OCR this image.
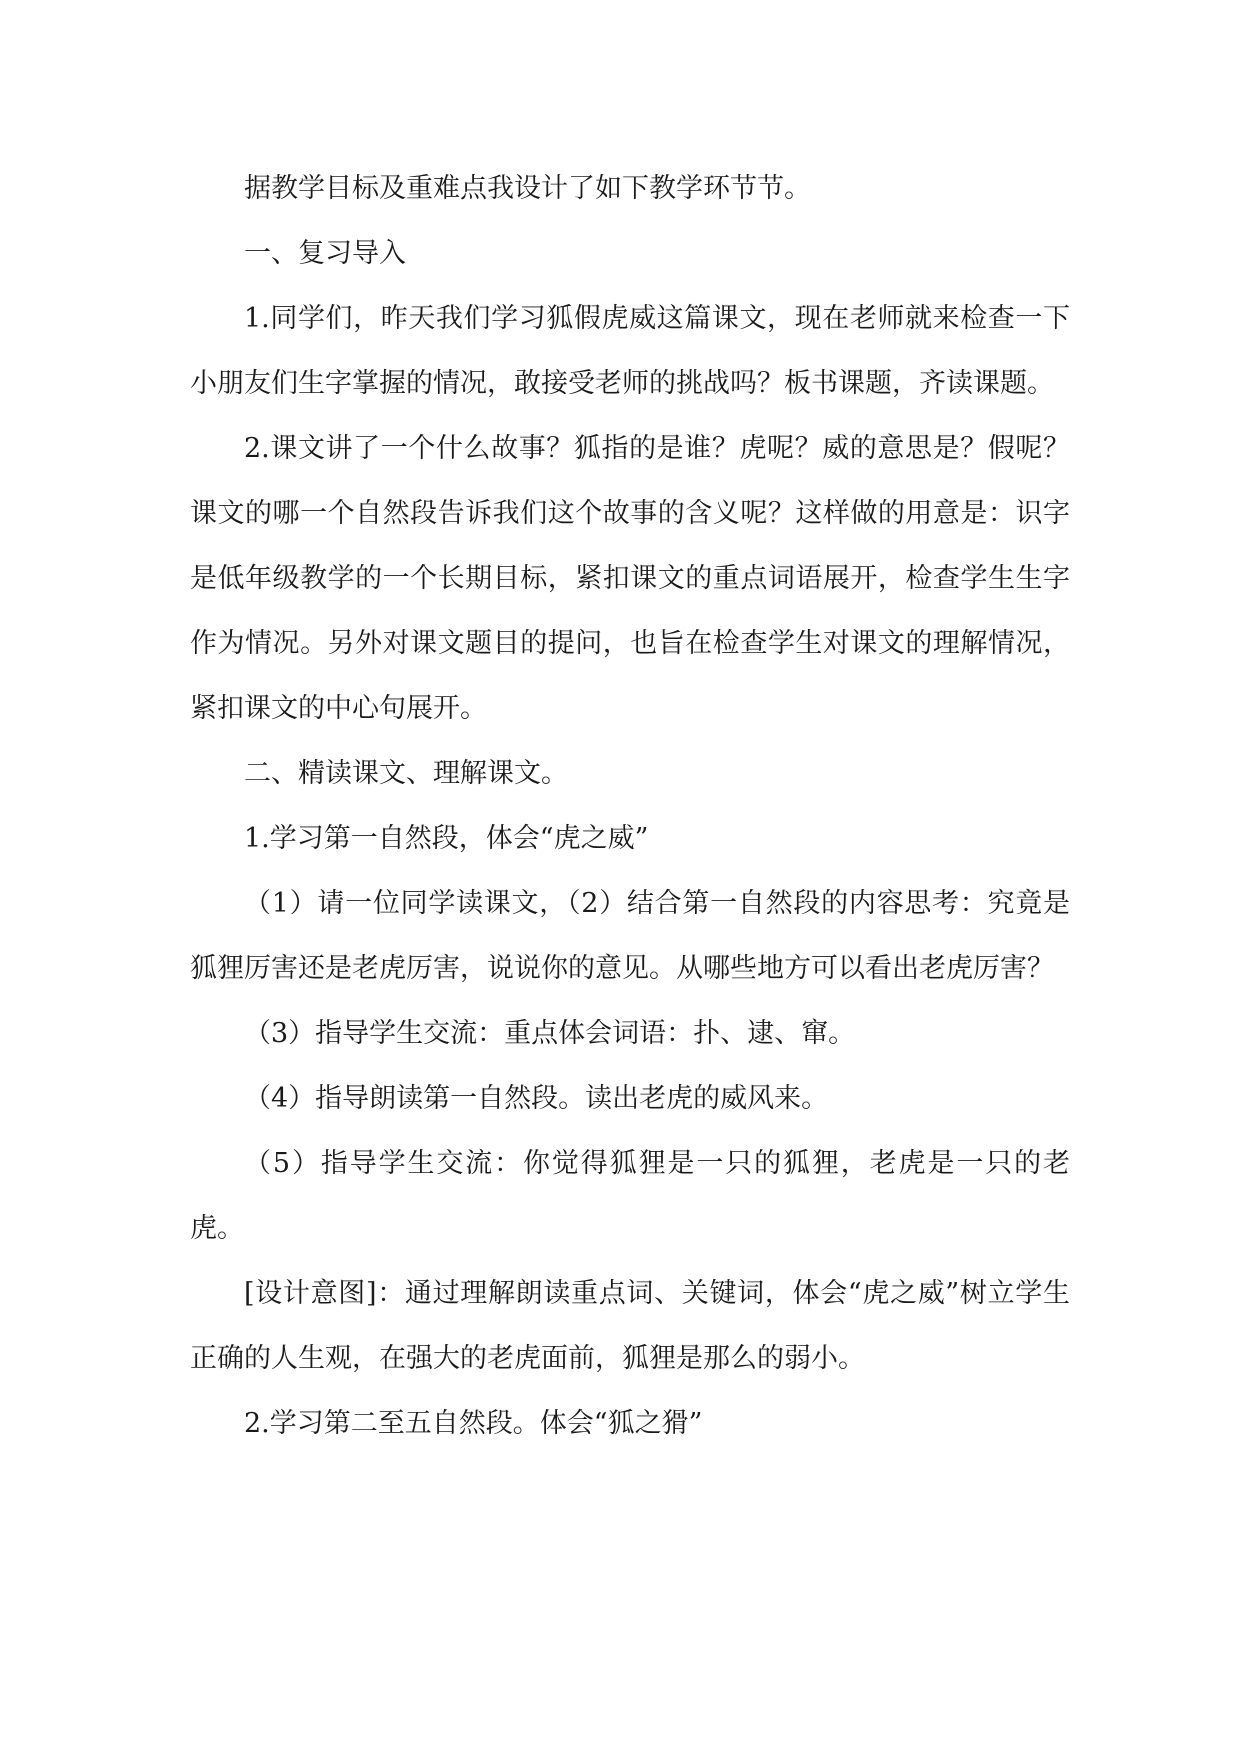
据教学目标及重难点我设计了如下教学环节节。

一、复习导入

1.同学们，昨天我们学习狐假虎威这篇课文，现在老师就来检查一下小朋友们生字掌握的情况，敢接受老师的挑战吗？板书课题，齐读课题。

2.课文讲了一个什么故事？狐指的是谁？虎呢？威的意思是？假呢？课文的哪一个自然段告诉我们这个故事的含义呢？这样做的用意是：识字是低年级教学的一个长期目标，紧扣课文的重点词语展开，检查学生生字作为情况。另外对课文题目的提问，也旨在检查学生对课文的理解情况，紧扣课文的中心句展开。

二、精读课文、理解课文。

1.学习第一自然段，体会“虎之威”

（1）请一位同学读课文，（2）结合第一自然段的内容思考：究竟是狐狸厉害还是老虎厉害，说说你的意见。从哪些地方可以看出老虎厉害？

（3）指导学生交流：重点体会词语：扑、逮、窜。

（4）指导朗读第一自然段。读出老虎的威风来。

（5）指导学生交流：你觉得狐狸是一只的狐狸，老虎是一只的老虎。

[设计意图]：通过理解朗读重点词、关键词，体会“虎之威”树立学生正确的人生观，在强大的老虎面前，狐狸是那么的弱小。

2.学习第二至五自然段。体会“狐之猾”
